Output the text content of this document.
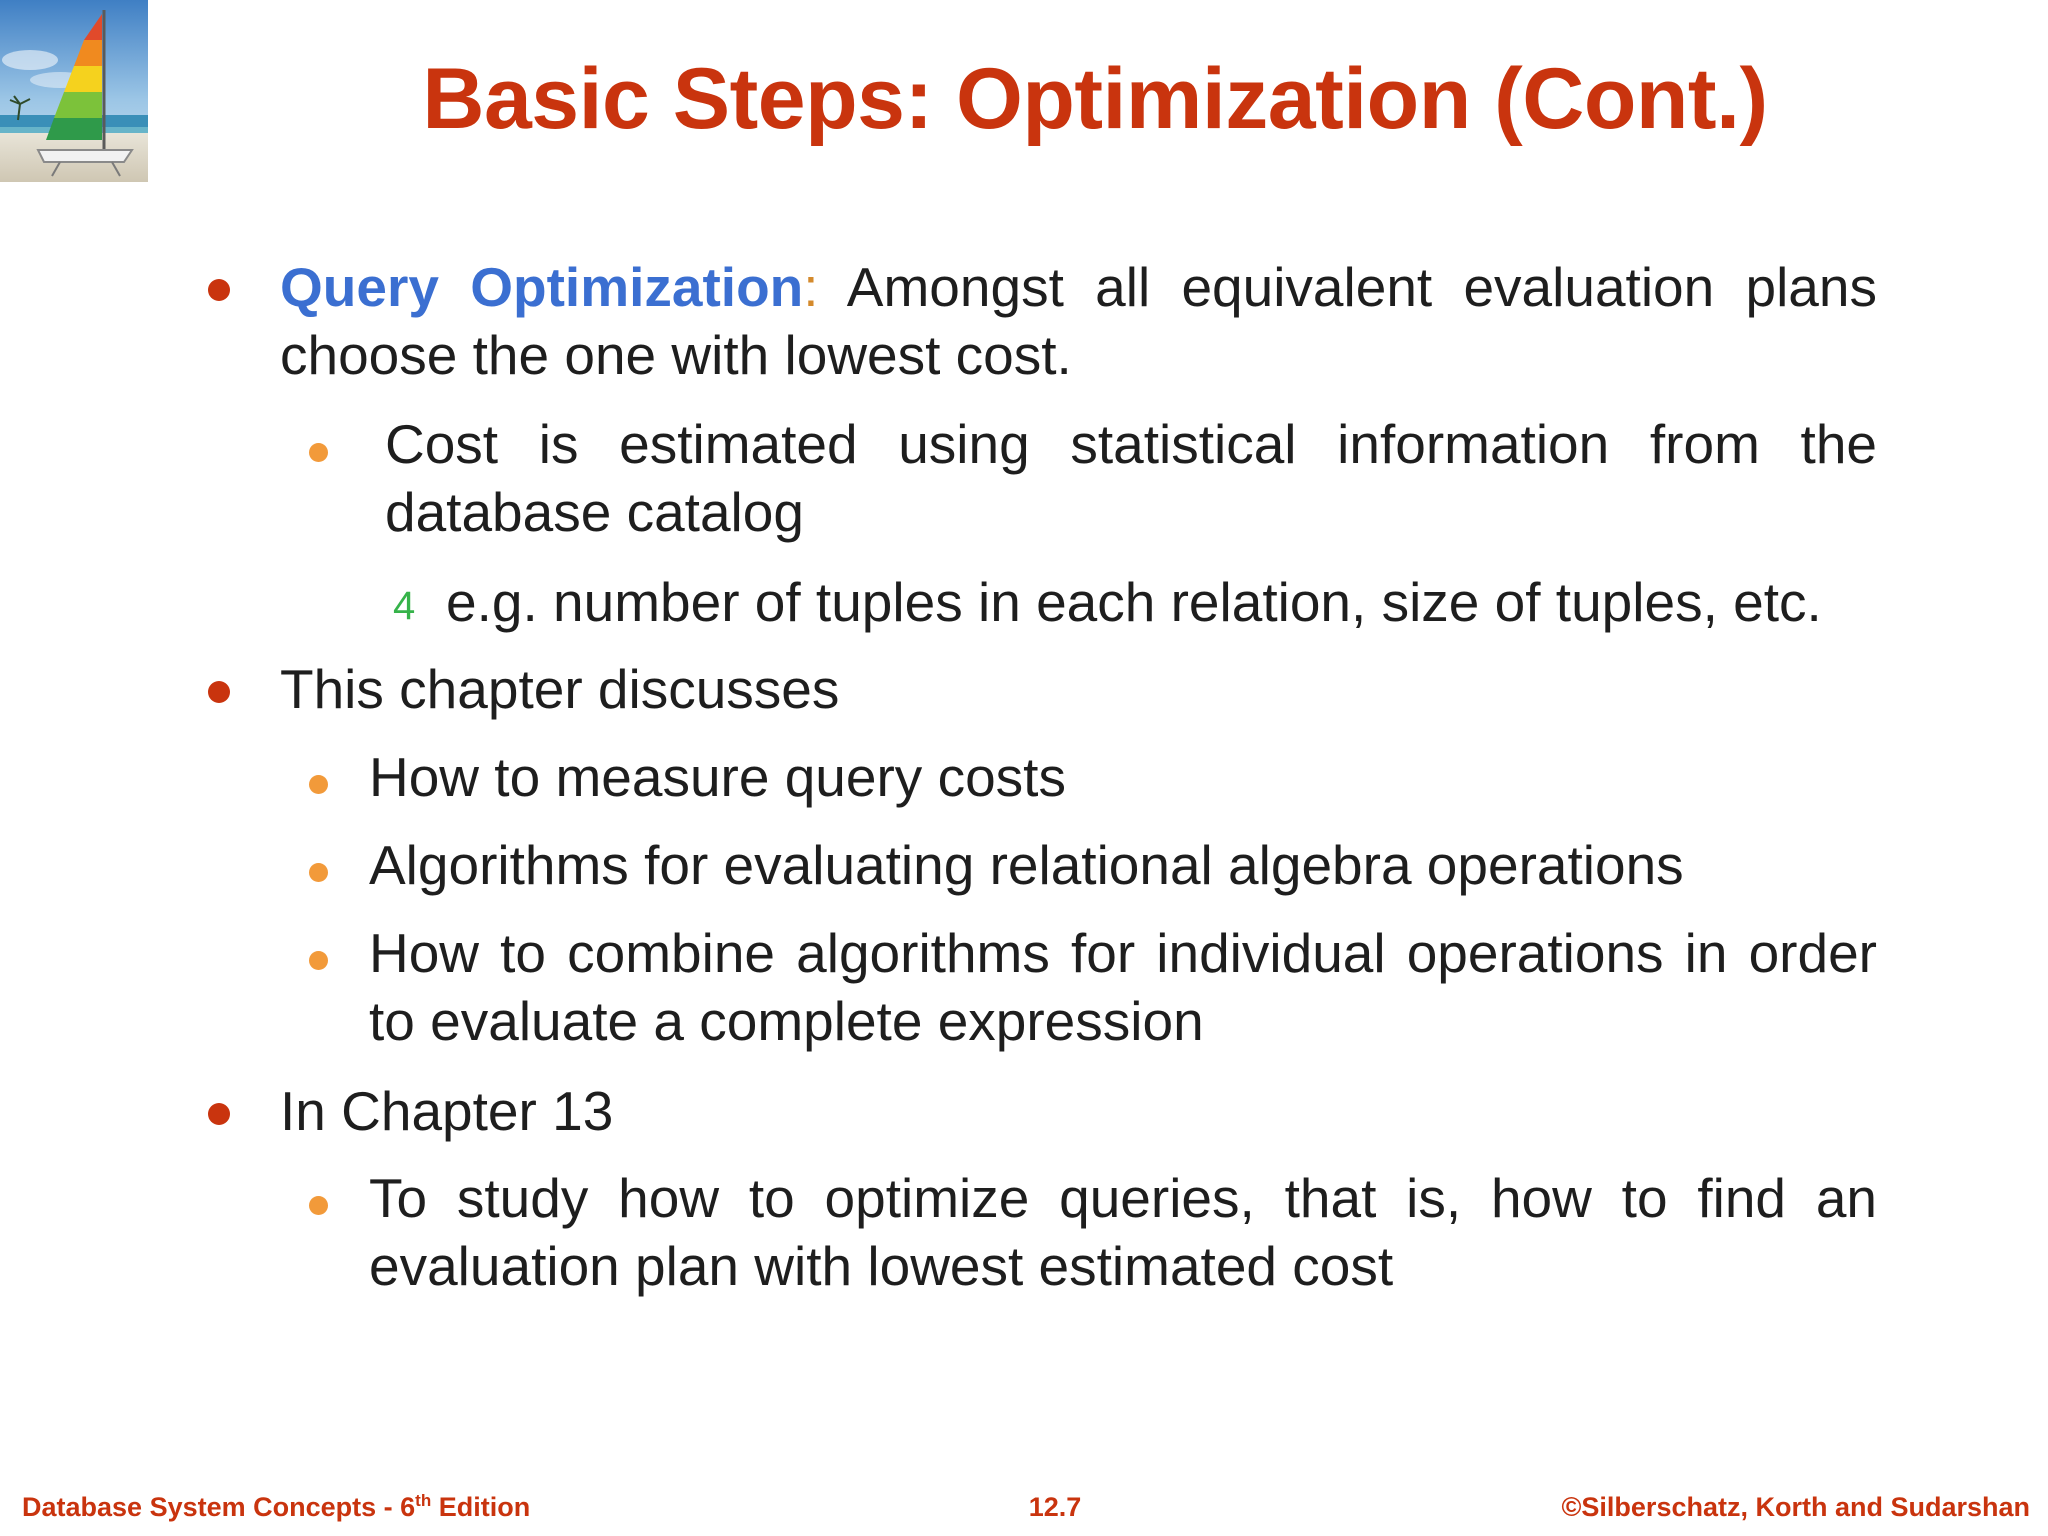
Basic Steps: Optimization (Cont.)
Query Optimization: Amongst all equivalent evaluation plans choose the one with lowest cost.
Cost is estimated using statistical information from the database catalog
4 e.g. number of tuples in each relation, size of tuples, etc.
This chapter discusses
How to measure query costs
Algorithms for evaluating relational algebra operations
How to combine algorithms for individual operations in order to evaluate a complete expression
In Chapter 13
To study how to optimize queries, that is, how to find an evaluation plan with lowest estimated cost
Database System Concepts - 6th Edition	12.7	©Silberschatz, Korth and Sudarshan
